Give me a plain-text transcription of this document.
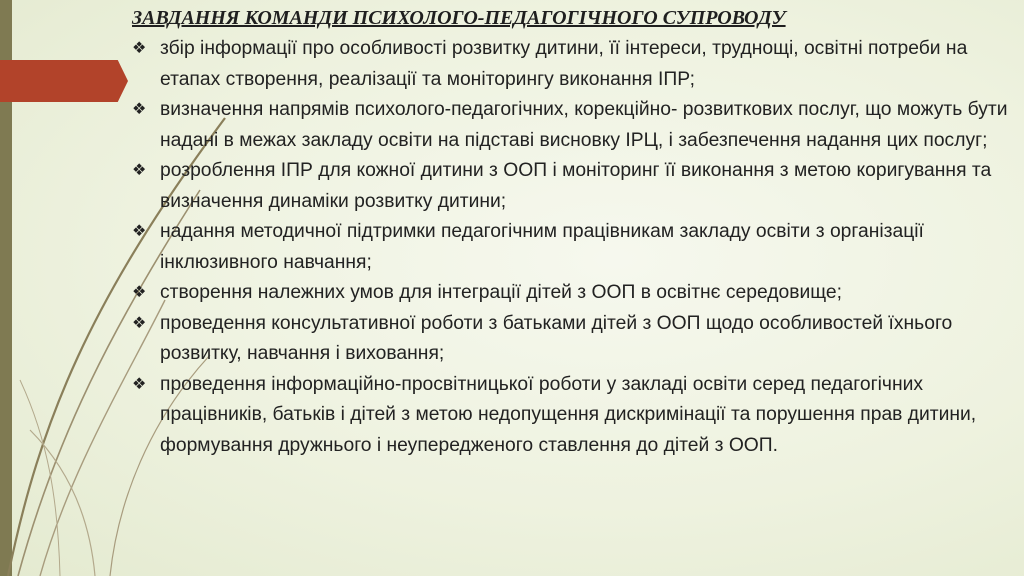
ЗАВДАННЯ КОМАНДИ ПСИХОЛОГО-ПЕДАГОГІЧНОГО СУПРОВОДУ
❖ збір інформації про особливості розвитку дитини, її інтереси, труднощі, освітні потреби на етапах створення, реалізації та моніторингу виконання ІПР;
❖ визначення напрямів психолого-педагогічних, корекційно- розвиткових послуг, що можуть бути надані в межах закладу освіти на підставі висновку ІРЦ, і забезпечення надання цих послуг;
❖ розроблення ІПР для кожної дитини з ООП і моніторинг її виконання з метою коригування та визначення динаміки розвитку дитини;
❖ надання методичної підтримки педагогічним працівникам закладу освіти з організації інклюзивного навчання;
❖ створення належних умов для інтеграції дітей з ООП в освітнє середовище;
❖ проведення консультативної роботи з батьками дітей з ООП щодо особливостей їхнього розвитку, навчання і виховання;
❖ проведення інформаційно-просвітницької роботи у закладі освіти серед педагогічних працівників, батьків і дітей з метою недопущення дискримінації та порушення прав дитини, формування дружнього і неупередженого ставлення до дітей з ООП.
